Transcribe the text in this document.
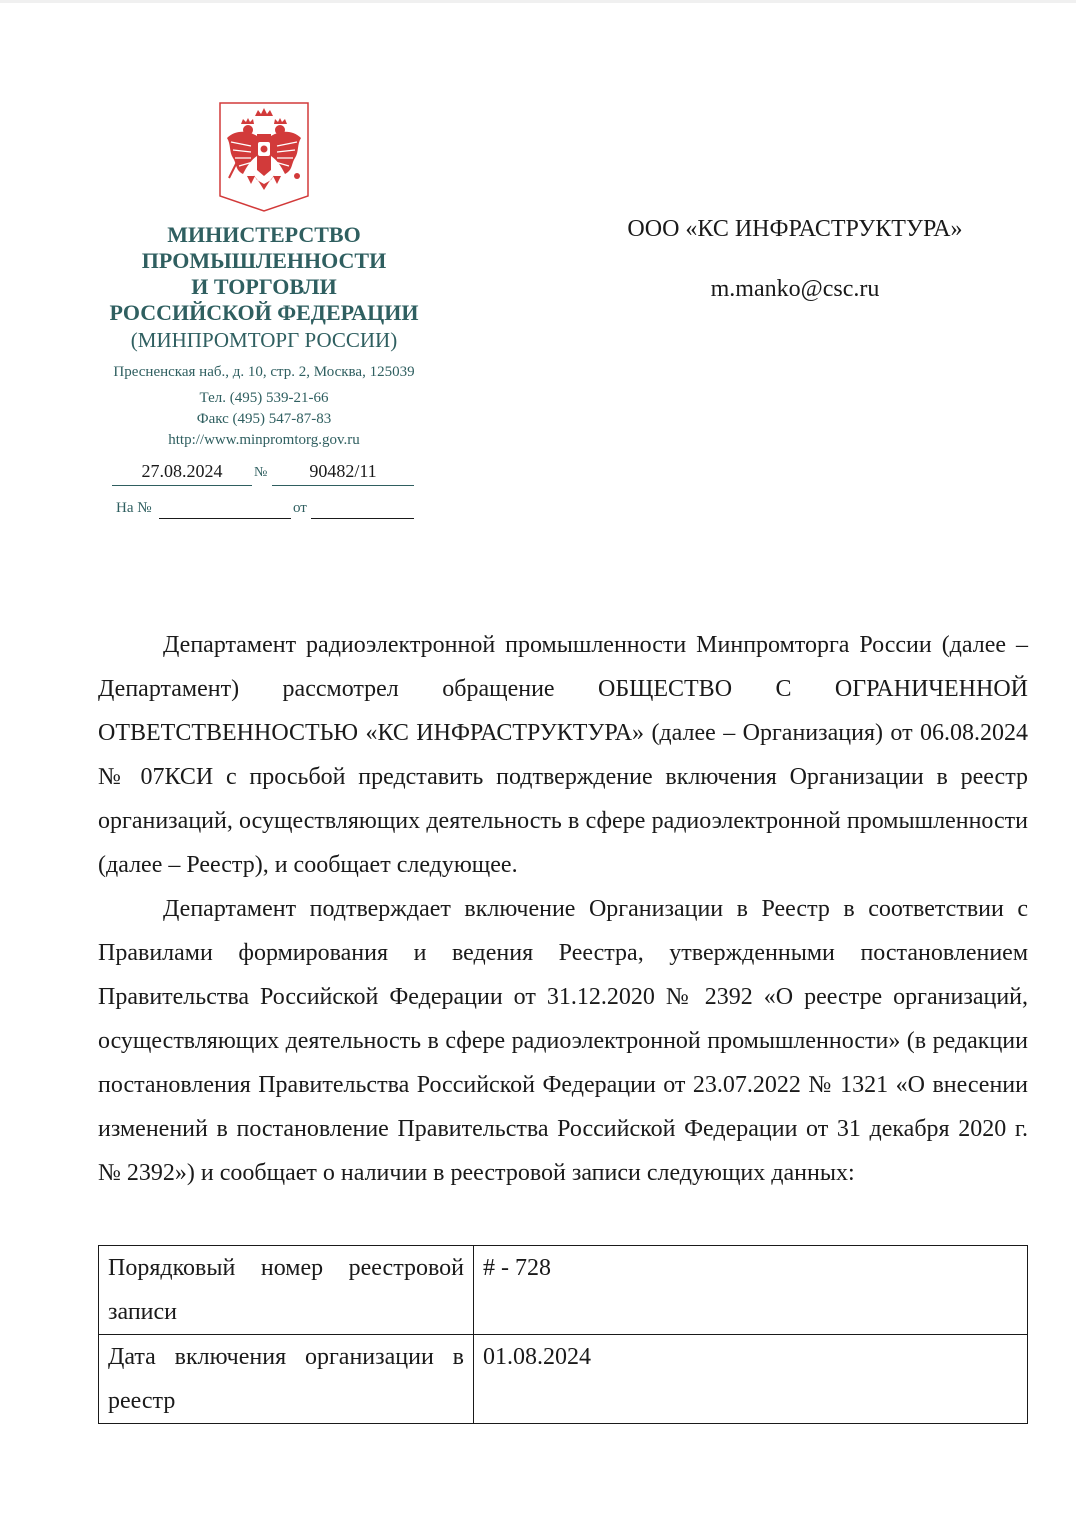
МИНИСТЕРСТВО
ПРОМЫШЛЕННОСТИ
И ТОРГОВЛИ
РОССИЙСКОЙ ФЕДЕРАЦИИ
(МИНПРОМТОРГ РОССИИ)
Пресненская наб., д. 10, стр. 2, Москва, 125039
Тел. (495) 539-21-66
Факс (495) 547-87-83
http://www.minpromtorg.gov.ru
27.08.2024	№	90482/11
На №	от
ООО «КС ИНФРАСТРУКТУРА»
m.manko@csc.ru

Департамент радиоэлектронной промышленности Минпромторга России (далее – Департамент) рассмотрел обращение ОБЩЕСТВО С ОГРАНИЧЕННОЙ ОТВЕТСТВЕННОСТЬЮ «КС ИНФРАСТРУКТУРА» (далее – Организация) от 06.08.2024 № 07КСИ с просьбой представить подтверждение включения Организации в реестр организаций, осуществляющих деятельность в сфере радиоэлектронной промышленности (далее – Реестр), и сообщает следующее.

Департамент подтверждает включение Организации в Реестр в соответствии с Правилами формирования и ведения Реестра, утвержденными постановлением Правительства Российской Федерации от 31.12.2020 № 2392 «О реестре организаций, осуществляющих деятельность в сфере радиоэлектронной промышленности» (в редакции постановления Правительства Российской Федерации от 23.07.2022 № 1321 «О внесении изменений в постановление Правительства Российской Федерации от 31 декабря 2020 г. № 2392») и сообщает о наличии в реестровой записи следующих данных:

Порядковый номер реестровой записи	# - 728
Дата включения организации в реестр	01.08.2024
